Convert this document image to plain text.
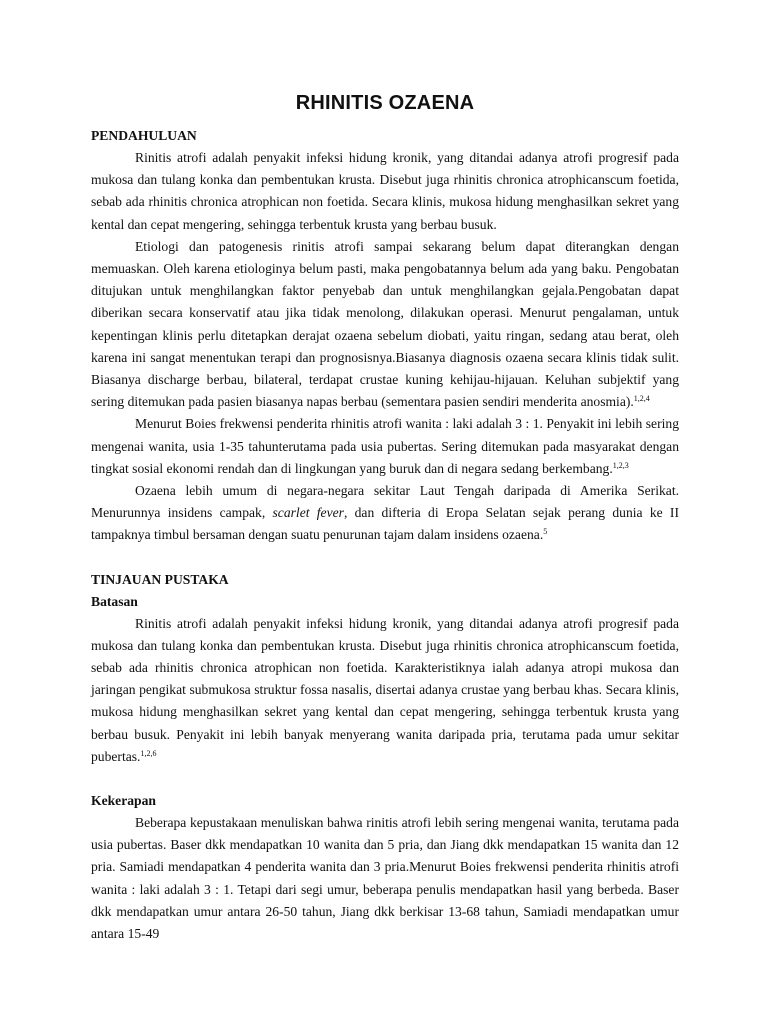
RHINITIS OZAENA
PENDAHULUAN

Rinitis atrofi adalah penyakit infeksi hidung kronik, yang ditandai adanya atrofi progresif pada mukosa dan tulang konka dan pembentukan krusta. Disebut juga rhinitis chronica atrophicanscum foetida, sebab ada rhinitis chronica atrophican non foetida. Secara klinis, mukosa hidung menghasilkan sekret yang kental dan cepat mengering, sehingga terbentuk krusta yang berbau busuk.

Etiologi dan patogenesis rinitis atrofi sampai sekarang belum dapat diterangkan dengan memuaskan. Oleh karena etiologinya belum pasti, maka pengobatannya belum ada yang baku. Pengobatan ditujukan untuk menghilangkan faktor penyebab dan untuk menghilangkan gejala.Pengobatan dapat diberikan secara konservatif atau jika tidak menolong, dilakukan operasi. Menurut pengalaman, untuk kepentingan klinis perlu ditetapkan derajat ozaena sebelum diobati, yaitu ringan, sedang atau berat, oleh karena ini sangat menentukan terapi dan prognosisnya.Biasanya diagnosis ozaena secara klinis tidak sulit. Biasanya discharge berbau, bilateral, terdapat crustae kuning kehijau-hijauan. Keluhan subjektif yang sering ditemukan pada pasien biasanya napas berbau (sementara pasien sendiri menderita anosmia).$^{1,2,4}$

Menurut Boies frekwensi penderita rhinitis atrofi wanita : laki adalah 3 : 1. Penyakit ini lebih sering mengenai wanita, usia 1-35 tahunterutama pada usia pubertas. Sering ditemukan pada masyarakat dengan tingkat sosial ekonomi rendah dan di lingkungan yang buruk dan di negara sedang berkembang.$^{1,2,3}$

Ozaena lebih umum di negara-negara sekitar Laut Tengah daripada di Amerika Serikat. Menurunnya insidens campak, scarlet fever, dan difteria di Eropa Selatan sejak perang dunia ke II tampaknya timbul bersaman dengan suatu penurunan tajam dalam insidens ozaena.$^5$

TINJAUAN PUSTAKA
Batasan

Rinitis atrofi adalah penyakit infeksi hidung kronik, yang ditandai adanya atrofi progresif pada mukosa dan tulang konka dan pembentukan krusta. Disebut juga rhinitis chronica atrophicanscum foetida, sebab ada rhinitis chronica atrophican non foetida. Karakteristiknya ialah adanya atropi mukosa dan jaringan pengikat submukosa struktur fossa nasalis, disertai adanya crustae yang berbau khas. Secara klinis, mukosa hidung menghasilkan sekret yang kental dan cepat mengering, sehingga terbentuk krusta yang berbau busuk. Penyakit ini lebih banyak menyerang wanita daripada pria, terutama pada umur sekitar pubertas.$^{1,2,6}$

Kekerapan

Beberapa kepustakaan menuliskan bahwa rinitis atrofi lebih sering mengenai wanita, terutama pada usia pubertas. Baser dkk mendapatkan 10 wanita dan 5 pria, dan Jiang dkk mendapatkan 15 wanita dan 12 pria. Samiadi mendapatkan 4 penderita wanita dan 3 pria.Menurut Boies frekwensi penderita rhinitis atrofi wanita : laki adalah 3 : 1. Tetapi dari segi umur, beberapa penulis mendapatkan hasil yang berbeda. Baser dkk mendapatkan umur antara 26-50 tahun, Jiang dkk berkisar 13-68 tahun, Samiadi mendapatkan umur antara 15-49
